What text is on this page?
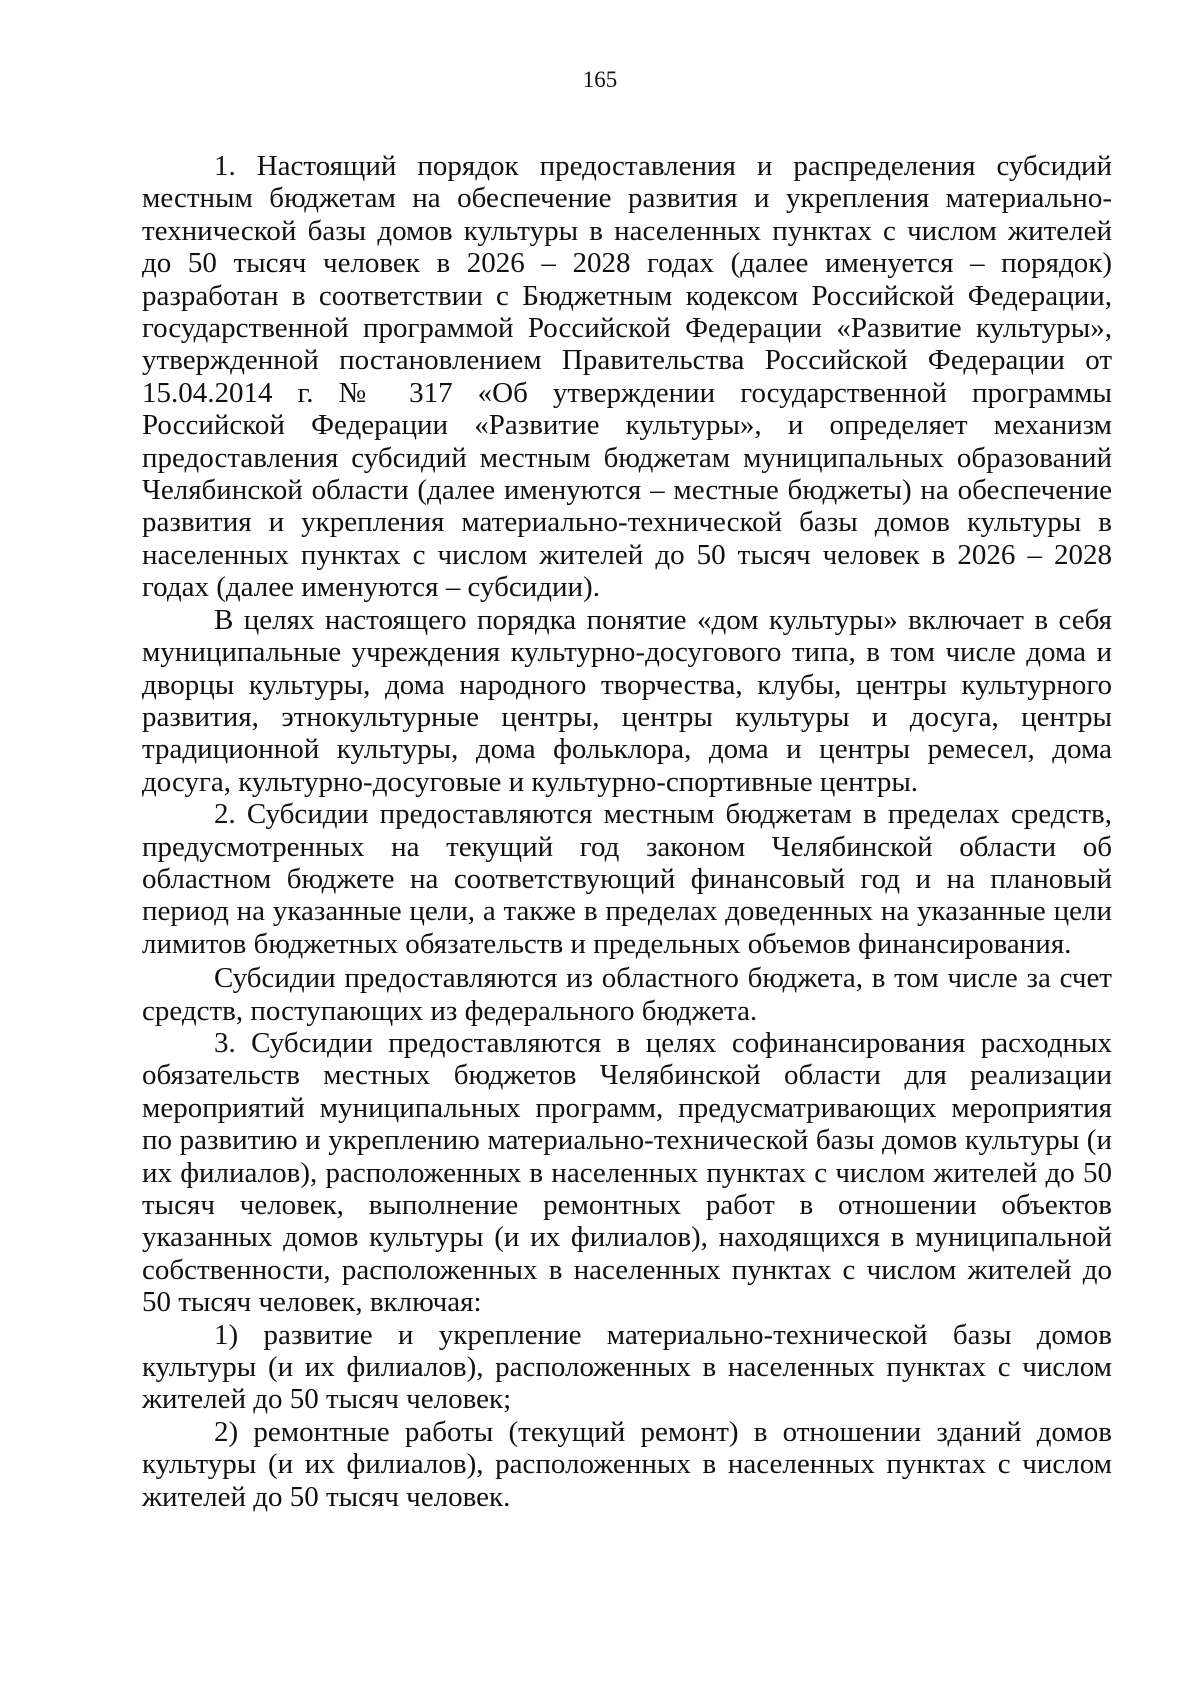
165

1. Настоящий порядок предоставления и распределения субсидий местным бюджетам на обеспечение развития и укрепления материально-технической базы домов культуры в населенных пунктах с числом жителей до 50 тысяч человек в 2026 – 2028 годах (далее именуется – порядок) разработан в соответствии с Бюджетным кодексом Российской Федерации, государственной программой Российской Федерации «Развитие культуры», утвержденной постановлением Правительства Российской Федерации от 15.04.2014 г. № 317 «Об утверждении государственной программы Российской Федерации «Развитие культуры», и определяет механизм предоставления субсидий местным бюджетам муниципальных образований Челябинской области (далее именуются – местные бюджеты) на обеспечение развития и укрепления материально-технической базы домов культуры в населенных пунктах с числом жителей до 50 тысяч человек в 2026 – 2028 годах (далее именуются – субсидии).

В целях настоящего порядка понятие «дом культуры» включает в себя муниципальные учреждения культурно-досугового типа, в том числе дома и дворцы культуры, дома народного творчества, клубы, центры культурного развития, этнокультурные центры, центры культуры и досуга, центры традиционной культуры, дома фольклора, дома и центры ремесел, дома досуга, культурно-досуговые и культурно-спортивные центры.

2. Субсидии предоставляются местным бюджетам в пределах средств, предусмотренных на текущий год законом Челябинской области об областном бюджете на соответствующий финансовый год и на плановый период на указанные цели, а также в пределах доведенных на указанные цели лимитов бюджетных обязательств и предельных объемов финансирования.

Субсидии предоставляются из областного бюджета, в том числе за счет средств, поступающих из федерального бюджета.

3. Субсидии предоставляются в целях софинансирования расходных обязательств местных бюджетов Челябинской области для реализации мероприятий муниципальных программ, предусматривающих мероприятия по развитию и укреплению материально-технической базы домов культуры (и их филиалов), расположенных в населенных пунктах с числом жителей до 50 тысяч человек, выполнение ремонтных работ в отношении объектов указанных домов культуры (и их филиалов), находящихся в муниципальной собственности, расположенных в населенных пунктах с числом жителей до 50 тысяч человек, включая:

1) развитие и укрепление материально-технической базы домов культуры (и их филиалов), расположенных в населенных пунктах с числом жителей до 50 тысяч человек;

2) ремонтные работы (текущий ремонт) в отношении зданий домов культуры (и их филиалов), расположенных в населенных пунктах с числом жителей до 50 тысяч человек.
